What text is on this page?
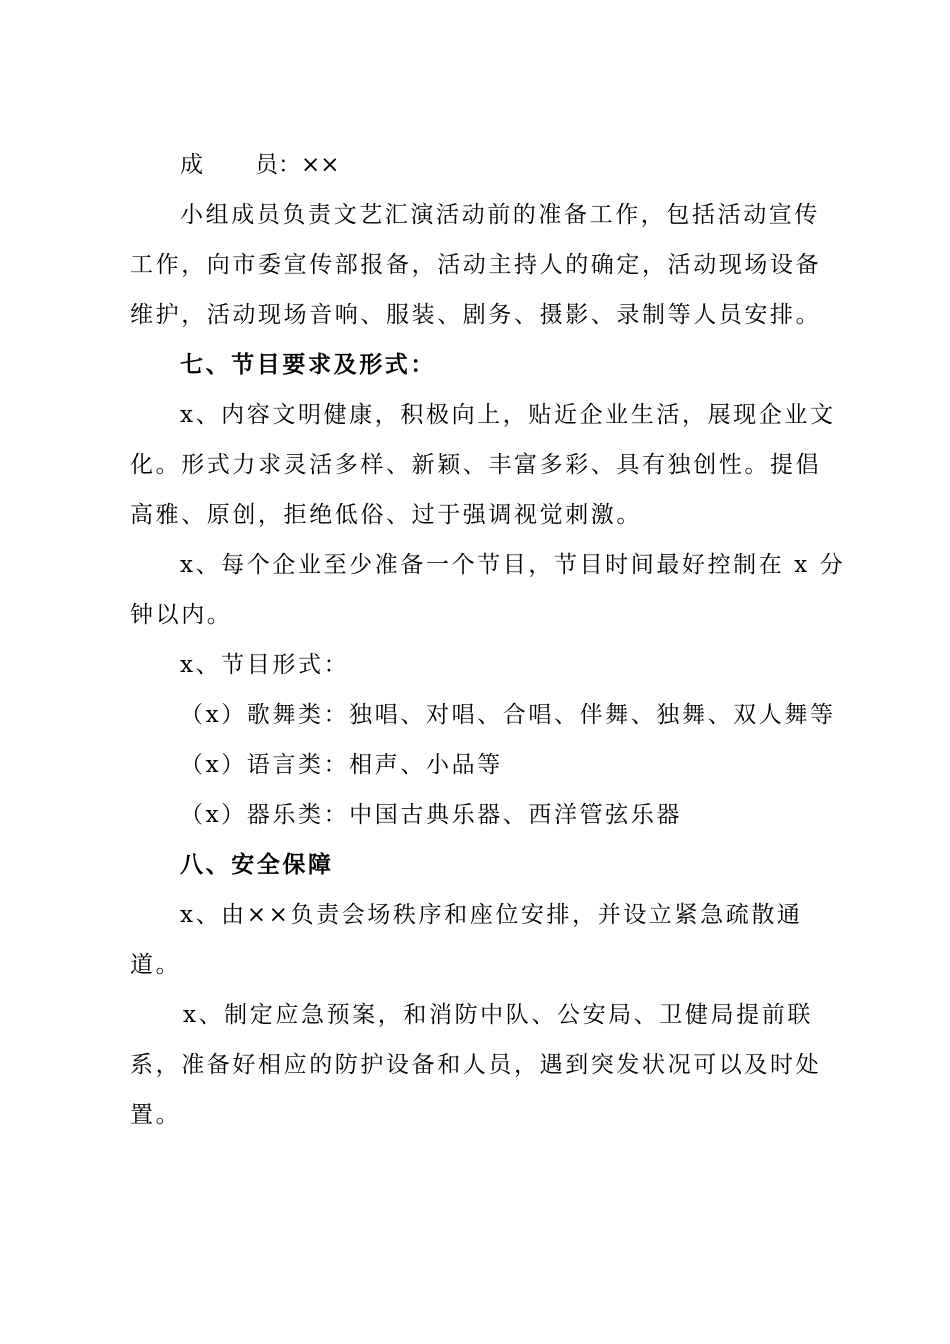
成 员：××
小组成员负责文艺汇演活动前的准备工作，包括活动宣传
工作，向市委宣传部报备，活动主持人的确定，活动现场设备
维护，活动现场音响、服装、剧务、摄影、录制等人员安排。
七、节目要求及形式：
x、内容文明健康，积极向上，贴近企业生活，展现企业文
化。形式力求灵活多样、新颖、丰富多彩、具有独创性。提倡
高雅、原创，拒绝低俗、过于强调视觉刺激。
x、每个企业至少准备一个节目，节目时间最好控制在 x 分
钟以内。
x、节目形式：
（x）歌舞类：独唱、对唱、合唱、伴舞、独舞、双人舞等
（x）语言类：相声、小品等
（x）器乐类：中国古典乐器、西洋管弦乐器
八、安全保障
x、由××负责会场秩序和座位安排，并设立紧急疏散通
道。
x、制定应急预案，和消防中队、公安局、卫健局提前联
系，准备好相应的防护设备和人员，遇到突发状况可以及时处
置。
